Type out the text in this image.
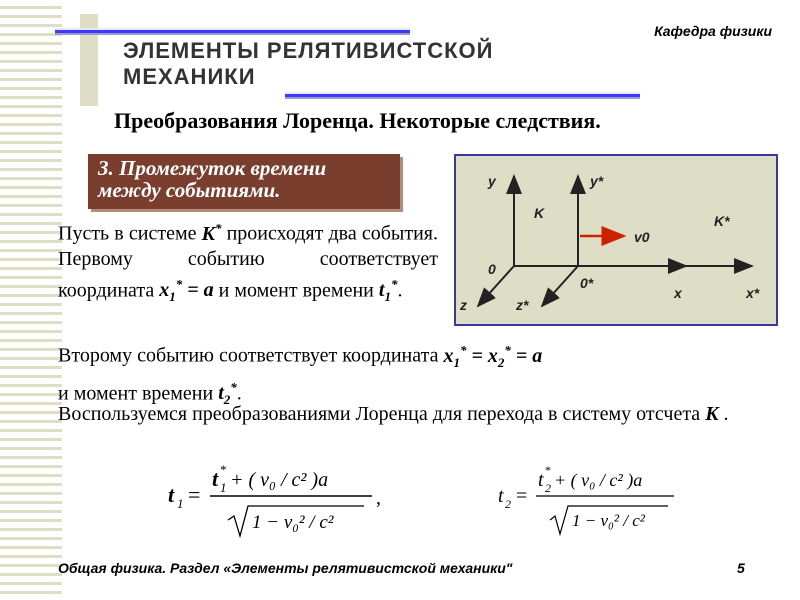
Кафедра физики
ЭЛЕМЕНТЫ РЕЛЯТИВИСТСКОЙ
МЕХАНИКИ
Преобразования Лоренца. Некоторые следствия.
3. Промежуток времени
между событиями.
Пусть в системе K* происходят два события. Первому событию соответствует координата $x_1^* = a$ и момент времени $t_1^*$.
Второму событию соответствует координата $x_1^* = x_2^* = a$
и момент времени $t_2^*$.
Воспользуемся преобразованиями Лоренца для перехода в систему отсчета K .
y	y*
K	K*
v0
0
0*
z	z*
x	x*
t 1 =
t 1
* + ( v₀ / c² )a
1 − v₀² / c²
,	t 2 =
t 2
* + ( v₀ / c² )a
1 − v₀² / c²
Общая физика. Раздел «Элементы релятивистской механики"	5
